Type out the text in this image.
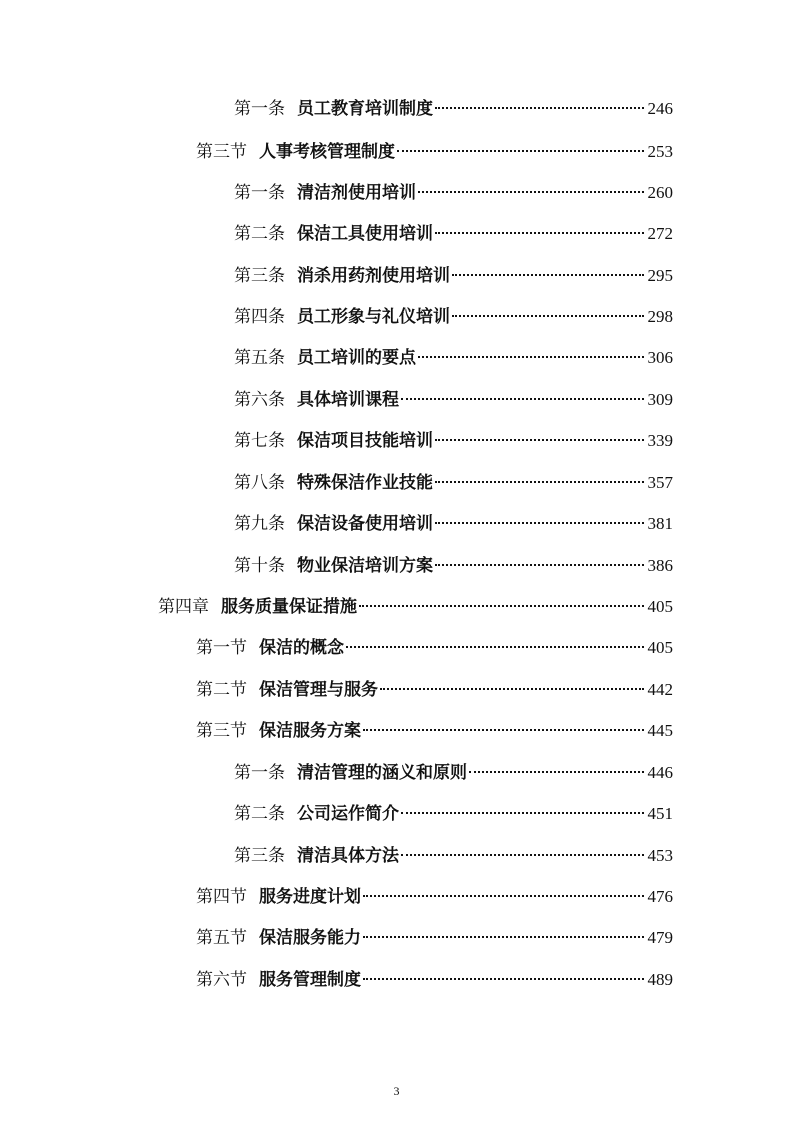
第一条 员工教育培训制度	246
第三节 人事考核管理制度	253
第一条 清洁剂使用培训	260
第二条 保洁工具使用培训	272
第三条 消杀用药剂使用培训	295
第四条 员工形象与礼仪培训	298
第五条 员工培训的要点	306
第六条 具体培训课程	309
第七条 保洁项目技能培训	339
第八条 特殊保洁作业技能	357
第九条 保洁设备使用培训	381
第十条 物业保洁培训方案	386
第四章 服务质量保证措施	405
第一节 保洁的概念	405
第二节 保洁管理与服务	442
第三节 保洁服务方案	445
第一条 清洁管理的涵义和原则	446
第二条 公司运作简介	451
第三条 清洁具体方法	453
第四节 服务进度计划	476
第五节 保洁服务能力	479
第六节 服务管理制度	489
3
